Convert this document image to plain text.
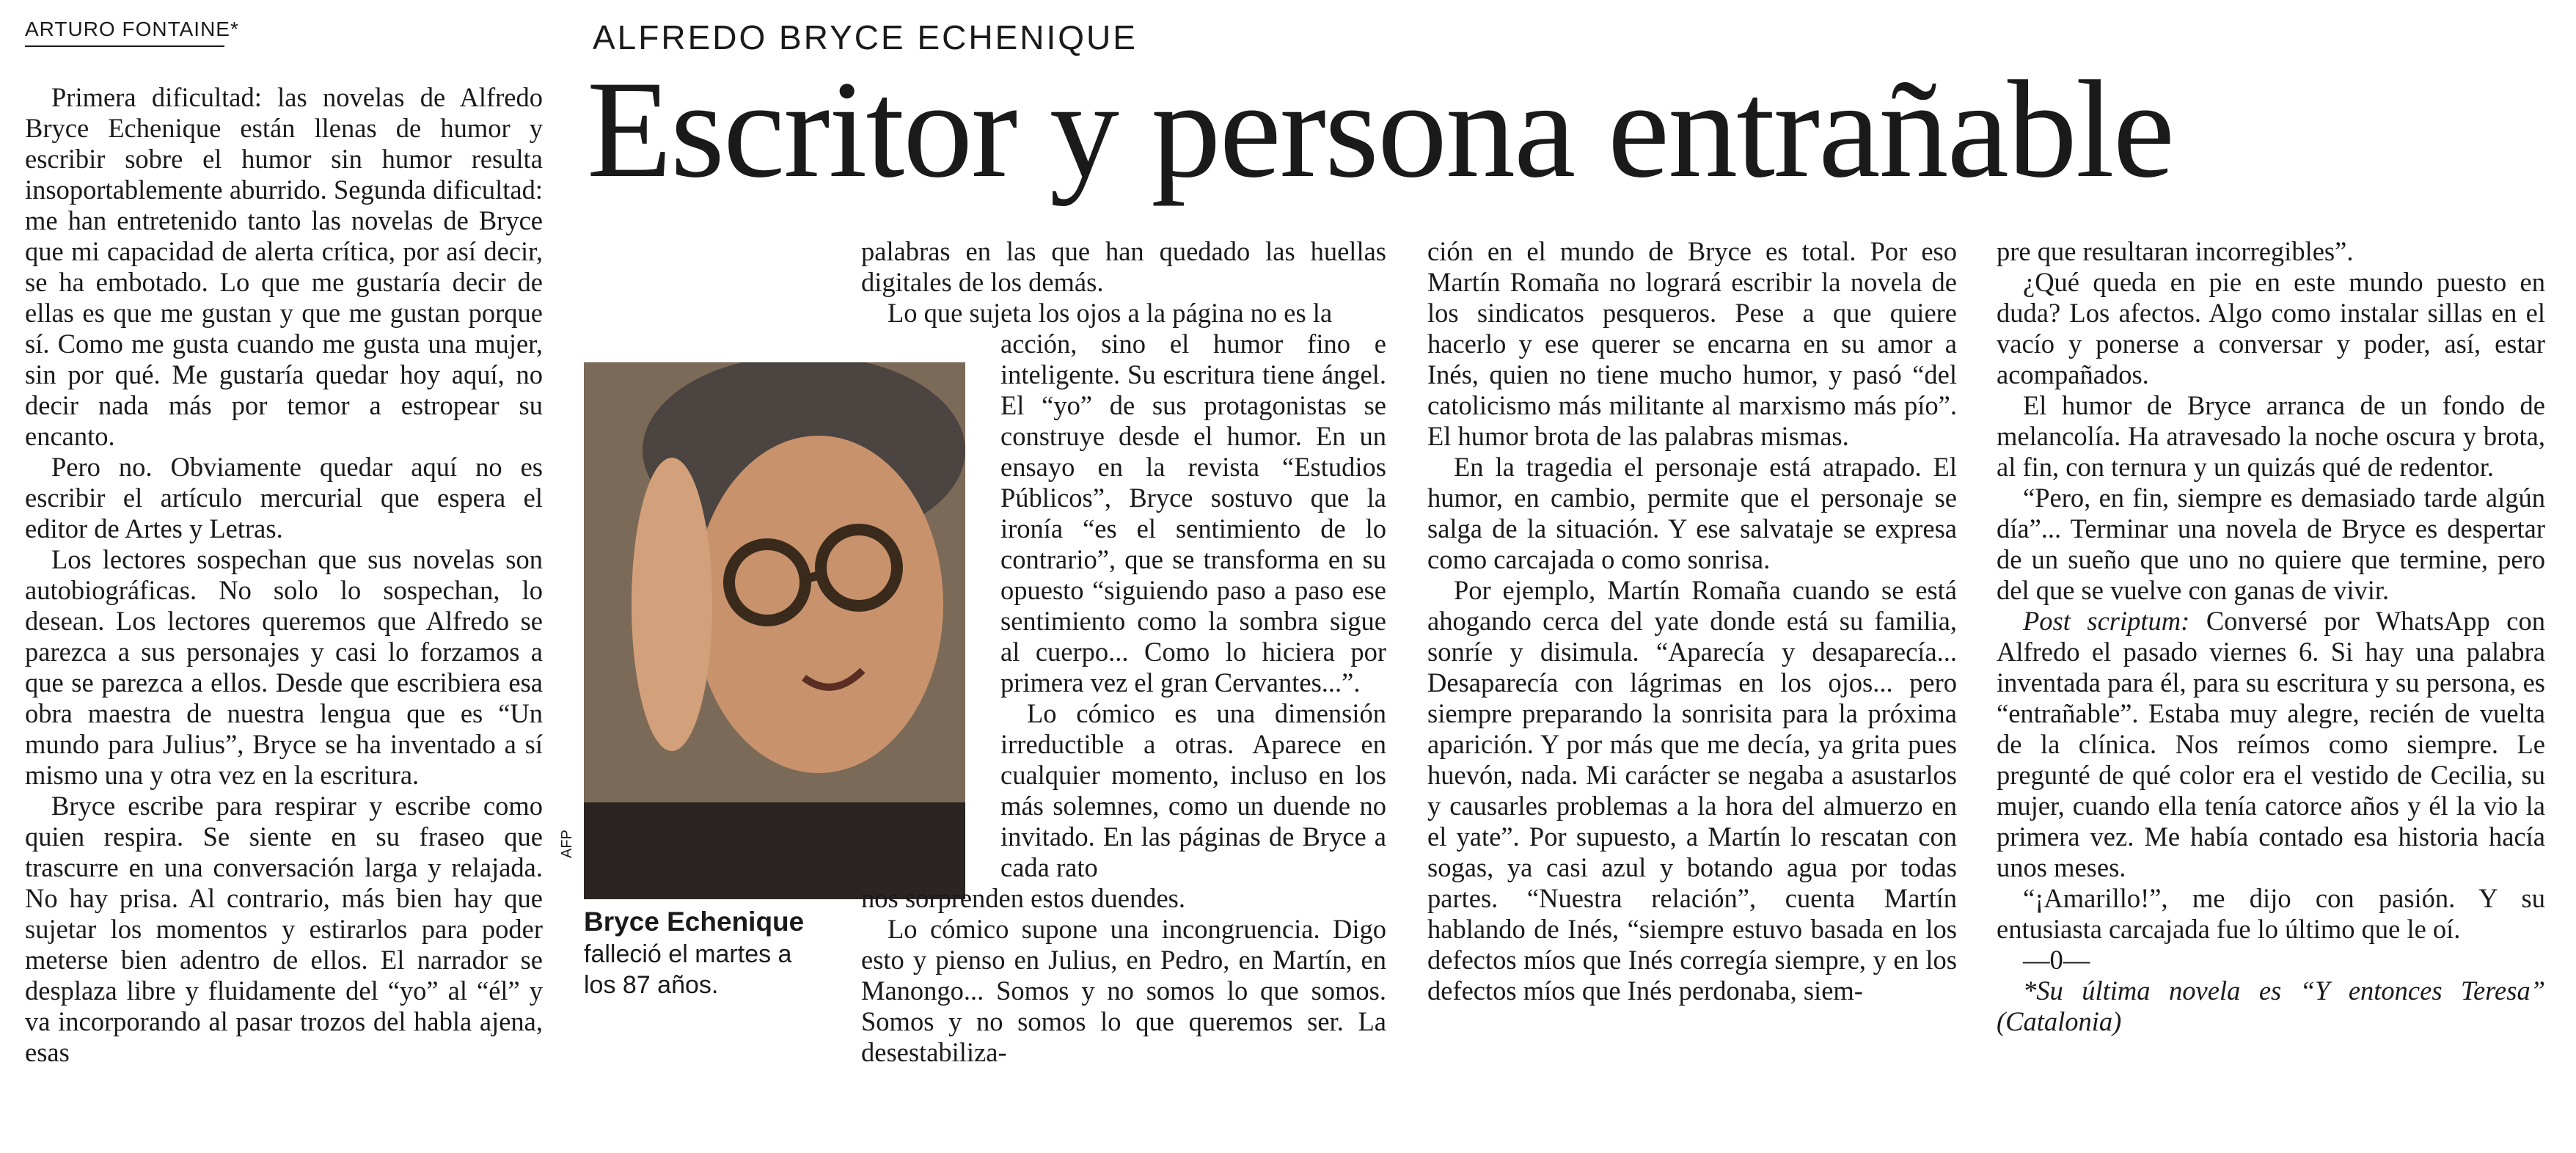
ARTURO FONTAINE*	ALFREDO BRYCE ECHENIQUE
Escritor y persona entrañable

Primera dificultad: las novelas de Alfredo Bryce Echenique están llenas de humor y escribir sobre el humor sin humor resulta insoportablemente aburrido. Segunda dificultad: me han entretenido tanto las novelas de Bryce que mi capacidad de alerta crítica, por así decir, se ha embotado. Lo que me gustaría decir de ellas es que me gustan y que me gustan porque sí. Como me gusta cuando me gusta una mujer, sin por qué. Me gustaría quedar hoy aquí, no decir nada más por temor a estropear su encanto.

Pero no. Obviamente quedar aquí no es escribir el artículo mercurial que espera el editor de Artes y Letras.

Los lectores sospechan que sus novelas son autobiográficas. No solo lo sospechan, lo desean. Los lectores queremos que Alfredo se parezca a sus personajes y casi lo forzamos a que se parezca a ellos. Desde que escribiera esa obra maestra de nuestra lengua que es “Un mundo para Julius”, Bryce se ha inventado a sí mismo una y otra vez en la escritura.

Bryce escribe para respirar y escribe como quien respira. Se siente en su fraseo que trascurre en una conversación larga y relajada. No hay prisa. Al contrario, más bien hay que sujetar los momentos y estirarlos para poder meterse bien adentro de ellos. El narrador se desplaza libre y fluidamente del “yo” al “él” y va incorporando al pasar trozos del habla ajena, esas

AFP
Bryce Echenique
falleció el martes a los 87 años.

palabras en las que han quedado las huellas digitales de los demás.

Lo que sujeta los ojos a la página no es la

acción, sino el humor fino e inteligente. Su escritura tiene ángel. El “yo” de sus protagonistas se construye desde el humor. En un ensayo en la revista “Estudios Públicos”, Bryce sostuvo que la ironía “es el sentimiento de lo contrario”, que se transforma en su opuesto “siguiendo paso a paso ese sentimiento como la sombra sigue al cuerpo... Como lo hiciera por primera vez el gran Cervantes...”.

Lo cómico es una dimensión irreductible a otras. Aparece en cualquier momento, incluso en los más solemnes, como un duende no invitado. En las páginas de Bryce a cada rato

nos sorprenden estos duendes.

Lo cómico supone una incongruencia. Digo esto y pienso en Julius, en Pedro, en Martín, en Manongo... Somos y no somos lo que somos. Somos y no somos lo que queremos ser. La desestabiliza-

ción en el mundo de Bryce es total. Por eso Martín Romaña no logrará escribir la novela de los sindicatos pesqueros. Pese a que quiere hacerlo y ese querer se encarna en su amor a Inés, quien no tiene mucho humor, y pasó “del catolicismo más militante al marxismo más pío”. El humor brota de las palabras mismas.

En la tragedia el personaje está atrapado. El humor, en cambio, permite que el personaje se salga de la situación. Y ese salvataje se expresa como carcajada o como sonrisa.

Por ejemplo, Martín Romaña cuando se está ahogando cerca del yate donde está su familia, sonríe y disimula. “Aparecía y desaparecía... Desaparecía con lágrimas en los ojos... pero siempre preparando la sonrisita para la próxima aparición. Y por más que me decía, ya grita pues huevón, nada. Mi carácter se negaba a asustarlos y causarles problemas a la hora del almuerzo en el yate”. Por supuesto, a Martín lo rescatan con sogas, ya casi azul y botando agua por todas partes. “Nuestra relación”, cuenta Martín hablando de Inés, “siempre estuvo basada en los defectos míos que Inés corregía siempre, y en los defectos míos que Inés perdonaba, siem-

pre que resultaran incorregibles”.

¿Qué queda en pie en este mundo puesto en duda? Los afectos. Algo como instalar sillas en el vacío y ponerse a conversar y poder, así, estar acompañados.

El humor de Bryce arranca de un fondo de melancolía. Ha atravesado la noche oscura y brota, al fin, con ternura y un quizás qué de redentor.

“Pero, en fin, siempre es demasiado tarde algún día”... Terminar una novela de Bryce es despertar de un sueño que uno no quiere que termine, pero del que se vuelve con ganas de vivir.

Post scriptum: Conversé por WhatsApp con Alfredo el pasado viernes 6. Si hay una palabra inventada para él, para su escritura y su persona, es “entrañable”. Estaba muy alegre, recién de vuelta de la clínica. Nos reímos como siempre. Le pregunté de qué color era el vestido de Cecilia, su mujer, cuando ella tenía catorce años y él la vio la primera vez. Me había contado esa historia hacía unos meses.

“¡Amarillo!”, me dijo con pasión. Y su entusiasta carcajada fue lo último que le oí.

—0—

*Su última novela es “Y entonces Teresa” (Catalonia)
